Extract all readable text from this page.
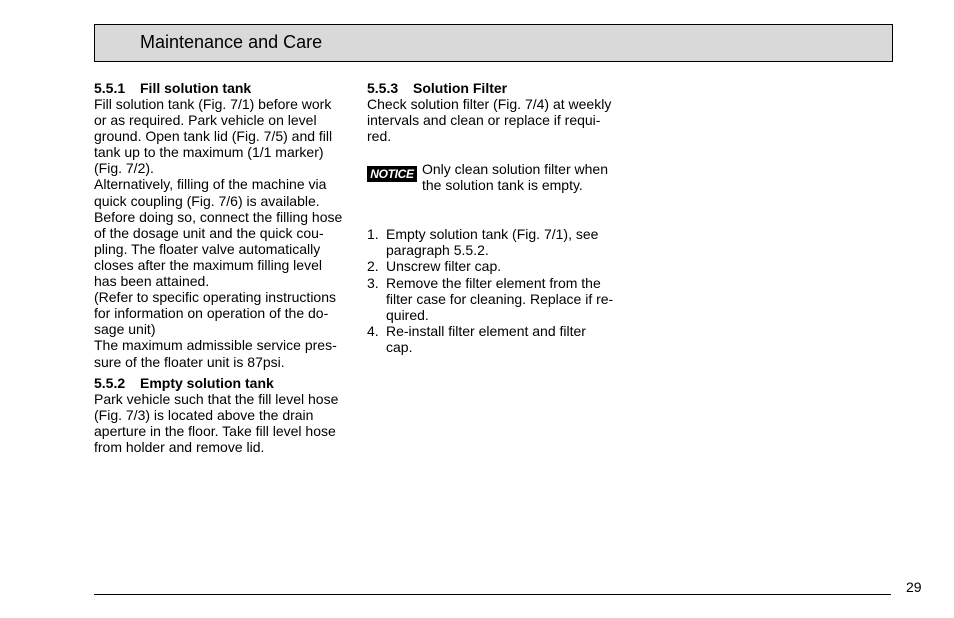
Maintenance and Care

5.5.1 Fill solution tank

Fill solution tank (Fig. 7/1) before work
or as required. Park vehicle on level
ground. Open tank lid (Fig. 7/5) and fill
tank up to the maximum (1/1 marker)
(Fig. 7/2).
Alternatively, filling of the machine via
quick coupling (Fig. 7/6) is available.
Before doing so, connect the filling hose
of the dosage unit and the quick cou-
pling. The floater valve automatically
closes after the maximum filling level
has been attained.
(Refer to specific operating instructions
for information on operation of the do-
sage unit)
The maximum admissible service pres-
sure of the floater unit is 87psi.

5.5.2 Empty solution tank

Park vehicle such that the fill level hose
(Fig. 7/3) is located above the drain
aperture in the floor. Take fill level hose
from holder and remove lid.

5.5.3 Solution Filter

Check solution filter (Fig. 7/4) at weekly
intervals and clean or replace if requi-
red.

NOTICE Only clean solution filter when
the solution tank is empty.
1. Empty solution tank (Fig. 7/1), see
paragraph 5.5.2.
2. Unscrew filter cap.
3. Remove the filter element from the
filter case for cleaning. Replace if re-
quired.
4. Re-install filter element and filter
cap.
29
